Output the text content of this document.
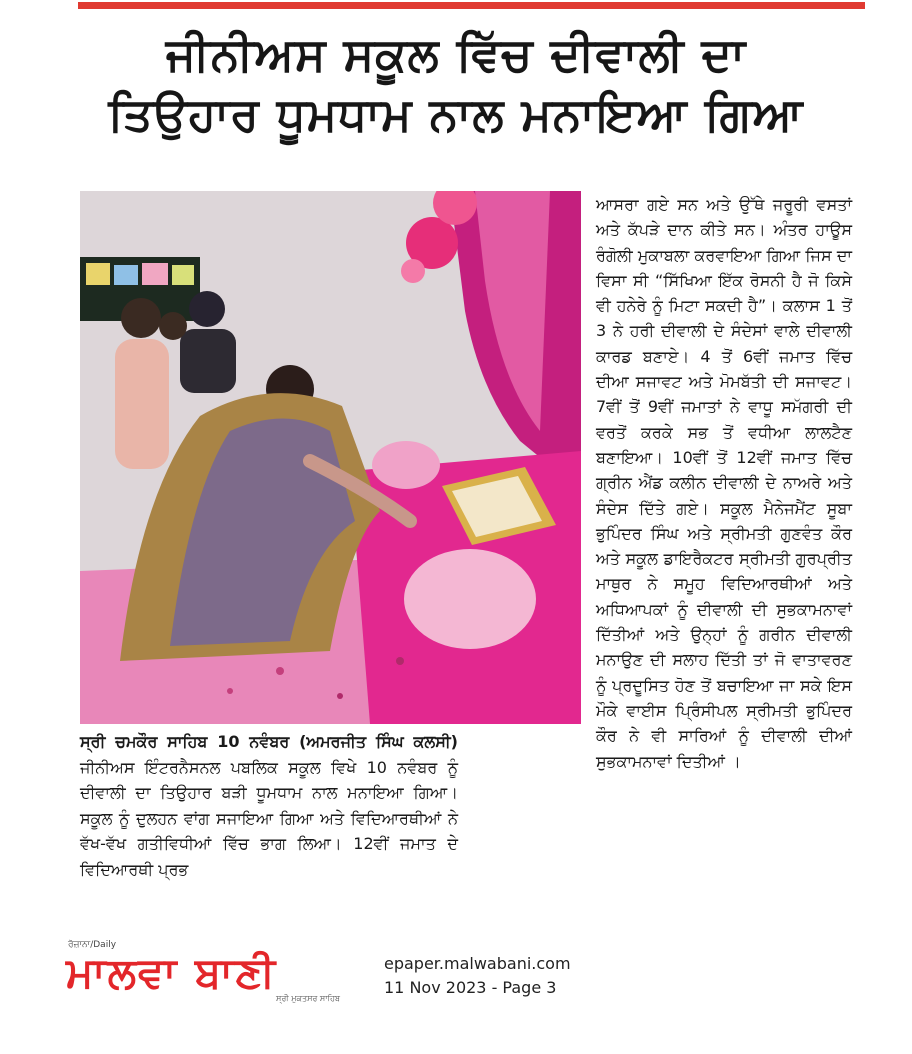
ਜੀਨੀਅਸ ਸਕੂਲ ਵਿੱਚ ਦੀਵਾਲੀ ਦਾ
ਤਿਉਹਾਰ ਧੂਮਧਾਮ ਨਾਲ ਮਨਾਇਆ ਗਿਆ

ਆਸਰਾ ਗਏ ਸਨ ਅਤੇ ਉੱਥੇ ਜਰੂਰੀ ਵਸਤਾਂ ਅਤੇ ਕੱਪੜੇ ਦਾਨ ਕੀਤੇ ਸਨ। ਅੰਤਰ ਹਾਊਸ ਰੰਗੋਲੀ ਮੁਕਾਬਲਾ ਕਰਵਾਇਆ ਗਿਆ ਜਿਸ ਦਾ ਵਿਸਾ ਸੀ “ਸਿੱਖਿਆ ਇੱਕ ਰੋਸਨੀ ਹੈ ਜੋ ਕਿਸੇ ਵੀ ਹਨੇਰੇ ਨੂੰ ਮਿਟਾ ਸਕਦੀ ਹੈ”। ਕਲਾਸ 1 ਤੋਂ 3 ਨੇ ਹਰੀ ਦੀਵਾਲੀ ਦੇ ਸੰਦੇਸਾਂ ਵਾਲੇ ਦੀਵਾਲੀ ਕਾਰਡ ਬਣਾਏ। 4 ਤੋਂ 6ਵੀਂ ਜਮਾਤ ਵਿੱਚ ਦੀਆ ਸਜਾਵਟ ਅਤੇ ਮੋਮਬੱਤੀ ਦੀ ਸਜਾਵਟ। 7ਵੀਂ ਤੋਂ 9ਵੀਂ ਜਮਾਤਾਂ ਨੇ ਵਾਧੂ ਸਮੱਗਰੀ ਦੀ ਵਰਤੋਂ ਕਰਕੇ ਸਭ ਤੋਂ ਵਧੀਆ ਲਾਲਟੈਣ ਬਣਾਇਆ। 10ਵੀਂ ਤੋਂ 12ਵੀਂ ਜਮਾਤ ਵਿੱਚ ਗ੍ਰੀਨ ਐਂਡ ਕਲੀਨ ਦੀਵਾਲੀ ਦੇ ਨਾਅਰੇ ਅਤੇ ਸੰਦੇਸ ਦਿੱਤੇ ਗਏ। ਸਕੂਲ ਮੈਨੇਜਮੈਂਟ ਸੂਬਾ ਭੁਪਿੰਦਰ ਸਿੰਘ ਅਤੇ ਸ੍ਰੀਮਤੀ ਗੁਣਵੰਤ ਕੌਰ ਅਤੇ ਸਕੂਲ ਡਾਇਰੈਕਟਰ ਸ੍ਰੀਮਤੀ ਗੁਰਪ੍ਰੀਤ ਮਾਥੁਰ ਨੇ ਸਮੂਹ ਵਿਦਿਆਰਥੀਆਂ ਅਤੇ ਅਧਿਆਪਕਾਂ ਨੂੰ ਦੀਵਾਲੀ ਦੀ ਸੁਭਕਾਮਨਾਵਾਂ ਦਿੱਤੀਆਂ ਅਤੇ ਉਨ੍ਹਾਂ ਨੂੰ ਗਰੀਨ ਦੀਵਾਲੀ ਮਨਾਉਣ ਦੀ ਸਲਾਹ ਦਿੱਤੀ ਤਾਂ ਜੋ ਵਾਤਾਵਰਣ ਨੂੰ ਪ੍ਰਦੂਸਿਤ ਹੋਣ ਤੋਂ ਬਚਾਇਆ ਜਾ ਸਕੇ ਇਸ ਮੌਕੇ ਵਾਈਸ ਪ੍ਰਿੰਸੀਪਲ ਸ੍ਰੀਮਤੀ ਭੁਪਿੰਦਰ ਕੌਰ ਨੇ ਵੀ ਸਾਰਿਆਂ ਨੂੰ ਦੀਵਾਲੀ ਦੀਆਂ ਸੁਭਕਾਮਨਾਵਾਂ ਦਿਤੀਆਂ ।

ਸ੍ਰੀ ਚਮਕੌਰ ਸਾਹਿਬ 10 ਨਵੰਬਰ (ਅਮਰਜੀਤ ਸਿੰਘ ਕਲਸੀ) ਜੀਨੀਅਸ ਇੰਟਰਨੈਸਨਲ ਪਬਲਿਕ ਸਕੂਲ ਵਿਖੇ 10 ਨਵੰਬਰ ਨੂੰ ਦੀਵਾਲੀ ਦਾ ਤਿਉਹਾਰ ਬੜੀ ਧੂਮਧਾਮ ਨਾਲ ਮਨਾਇਆ ਗਿਆ। ਸਕੂਲ ਨੂੰ ਦੁਲਹਨ ਵਾਂਗ ਸਜਾਇਆ ਗਿਆ ਅਤੇ ਵਿਦਿਆਰਥੀਆਂ ਨੇ ਵੱਖ-ਵੱਖ ਗਤੀਵਿਧੀਆਂ ਵਿੱਚ ਭਾਗ ਲਿਆ। 12ਵੀਂ ਜਮਾਤ ਦੇ ਵਿਦਿਆਰਥੀ ਪ੍ਰਭ

ਰੋਜ਼ਾਨਾ/Daily
ਮਾਲਵਾ ਬਾਣੀ
ਸ੍ਰੀ ਮੁਕਤਸਰ ਸਾਹਿਬ
epaper.malwabani.com
11 Nov 2023 - Page 3
